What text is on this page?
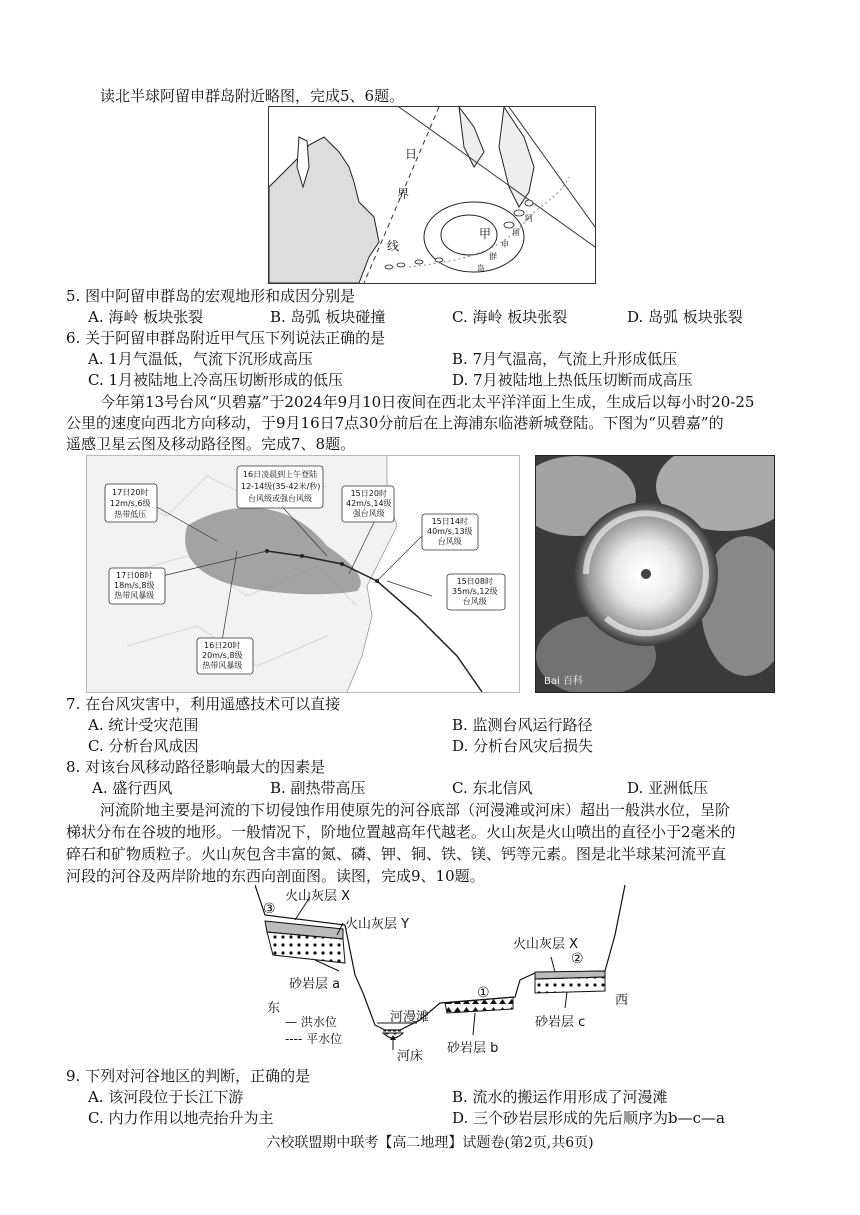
读北半球阿留申群岛附近略图，完成5、6题。
日
界
线
甲
阿
留
申
群
岛
5. 图中阿留申群岛的宏观地形和成因分别是
A. 海岭 板块张裂	B. 岛弧 板块碰撞	C. 海岭 板块张裂	D. 岛弧 板块张裂
6. 关于阿留申群岛附近甲气压下列说法正确的是
A. 1月气温低，气流下沉形成高压	B. 7月气温高，气流上升形成低压
C. 1月被陆地上冷高压切断形成的低压	D. 7月被陆地上热低压切断而成高压
今年第13号台风“贝碧嘉”于2024年9月10日夜间在西北太平洋洋面上生成，生成后以每小时20-25
公里的速度向西北方向移动，于9月16日7点30分前后在上海浦东临港新城登陆。下图为“贝碧嘉”的
遥感卫星云图及移动路径图。完成7、8题。
17日20时
12m/s,6级
热带低压
16日凌晨到上午登陆
12-14级(35-42米/秒)
台风级或强台风级
15日20时
42m/s,14级
强台风级
15日14时
40m/s,13级
台风级
15日08时
35m/s,12级
台风级
17日08时
18m/s,8级
热带风暴级
16日20时
20m/s,8级
热带风暴级
Bai 百科
7. 在台风灾害中，利用遥感技术可以直接
A. 统计受灾范围	B. 监测台风运行路径
C. 分析台风成因	D. 分析台风灾后损失
8. 对该台风移动路径影响最大的因素是
A. 盛行西风	B. 副热带高压	C. 东北信风	D. 亚洲低压
河流阶地主要是河流的下切侵蚀作用使原先的河谷底部（河漫滩或河床）超出一般洪水位，呈阶
梯状分布在谷坡的地形。一般情况下，阶地位置越高年代越老。火山灰是火山喷出的直径小于2毫米的
碎石和矿物质粒子。火山灰包含丰富的氮、磷、钾、铜、铁、镁、钙等元素。图是北半球某河流平直
河段的河谷及两岸阶地的东西向剖面图。读图，完成9、10题。
火山灰层 X
③
火山灰层 Y
砂岩层 a
东
— 洪水位
---- 平水位
河漫滩
①
砂岩层 b
河床
火山灰层 X
②
砂岩层 c
西
9. 下列对河谷地区的判断，正确的是
A. 该河段位于长江下游	B. 流水的搬运作用形成了河漫滩
C. 内力作用以地壳抬升为主	D. 三个砂岩层形成的先后顺序为b—c—a
六校联盟期中联考【高二地理】试题卷(第2页,共6页)
